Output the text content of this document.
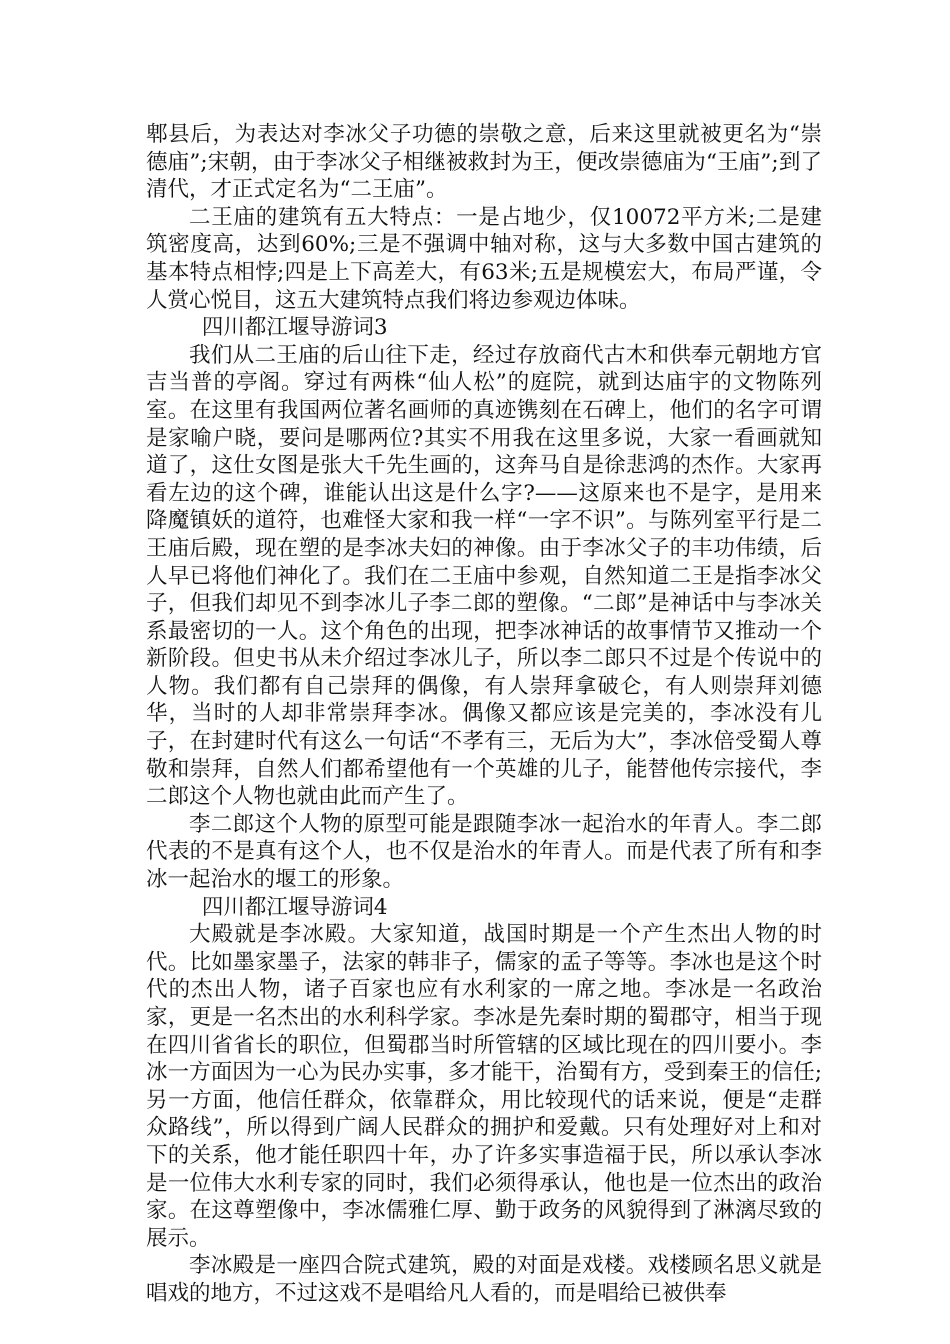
郫县后，为表达对李冰父子功德的崇敬之意，后来这里就被更名为“崇德庙”;宋朝，由于李冰父子相继被救封为王，便改崇德庙为“王庙”;到了清代，才正式定名为“二王庙”。

二王庙的建筑有五大特点：一是占地少，仅10072平方米;二是建筑密度高，达到60%;三是不强调中轴对称，这与大多数中国古建筑的基本特点相悖;四是上下高差大，有63米;五是规模宏大，布局严谨，令人赏心悦目，这五大建筑特点我们将边参观边体味。

四川都江堰导游词3

我们从二王庙的后山往下走，经过存放商代古木和供奉元朝地方官吉当普的亭阁。穿过有两株“仙人松”的庭院，就到达庙宇的文物陈列室。在这里有我国两位著名画师的真迹镌刻在石碑上，他们的名字可谓是家喻户晓，要问是哪两位?其实不用我在这里多说，大家一看画就知道了，这仕女图是张大千先生画的，这奔马自是徐悲鸿的杰作。大家再看左边的这个碑，谁能认出这是什么字?——这原来也不是字，是用来降魔镇妖的道符，也难怪大家和我一样“一字不识”。与陈列室平行是二王庙后殿，现在塑的是李冰夫妇的神像。由于李冰父子的丰功伟绩，后人早已将他们神化了。我们在二王庙中参观，自然知道二王是指李冰父子，但我们却见不到李冰儿子李二郎的塑像。“二郎”是神话中与李冰关系最密切的一人。这个角色的出现，把李冰神话的故事情节又推动一个新阶段。但史书从未介绍过李冰儿子，所以李二郎只不过是个传说中的人物。我们都有自己崇拜的偶像，有人崇拜拿破仑，有人则崇拜刘德华，当时的人却非常崇拜李冰。偶像又都应该是完美的，李冰没有儿子，在封建时代有这么一句话“不孝有三，无后为大”，李冰倍受蜀人尊敬和崇拜，自然人们都希望他有一个英雄的儿子，能替他传宗接代，李二郎这个人物也就由此而产生了。

李二郎这个人物的原型可能是跟随李冰一起治水的年青人。李二郎代表的不是真有这个人，也不仅是治水的年青人。而是代表了所有和李冰一起治水的堰工的形象。

四川都江堰导游词4

大殿就是李冰殿。大家知道，战国时期是一个产生杰出人物的时代。比如墨家墨子，法家的韩非子，儒家的孟子等等。李冰也是这个时代的杰出人物，诸子百家也应有水利家的一席之地。李冰是一名政治家，更是一名杰出的水利科学家。李冰是先秦时期的蜀郡守，相当于现在四川省省长的职位，但蜀郡当时所管辖的区域比现在的四川要小。李冰一方面因为一心为民办实事，多才能干，治蜀有方，受到秦王的信任;另一方面，他信任群众，依靠群众，用比较现代的话来说，便是“走群众路线”，所以得到广阔人民群众的拥护和爱戴。只有处理好对上和对下的关系，他才能任职四十年，办了许多实事造福于民，所以承认李冰是一位伟大水利专家的同时，我们必须得承认，他也是一位杰出的政治家。在这尊塑像中，李冰儒雅仁厚、勤于政务的风貌得到了淋漓尽致的展示。

李冰殿是一座四合院式建筑，殿的对面是戏楼。戏楼顾名思义就是唱戏的地方，不过这戏不是唱给凡人看的，而是唱给已被供奉
